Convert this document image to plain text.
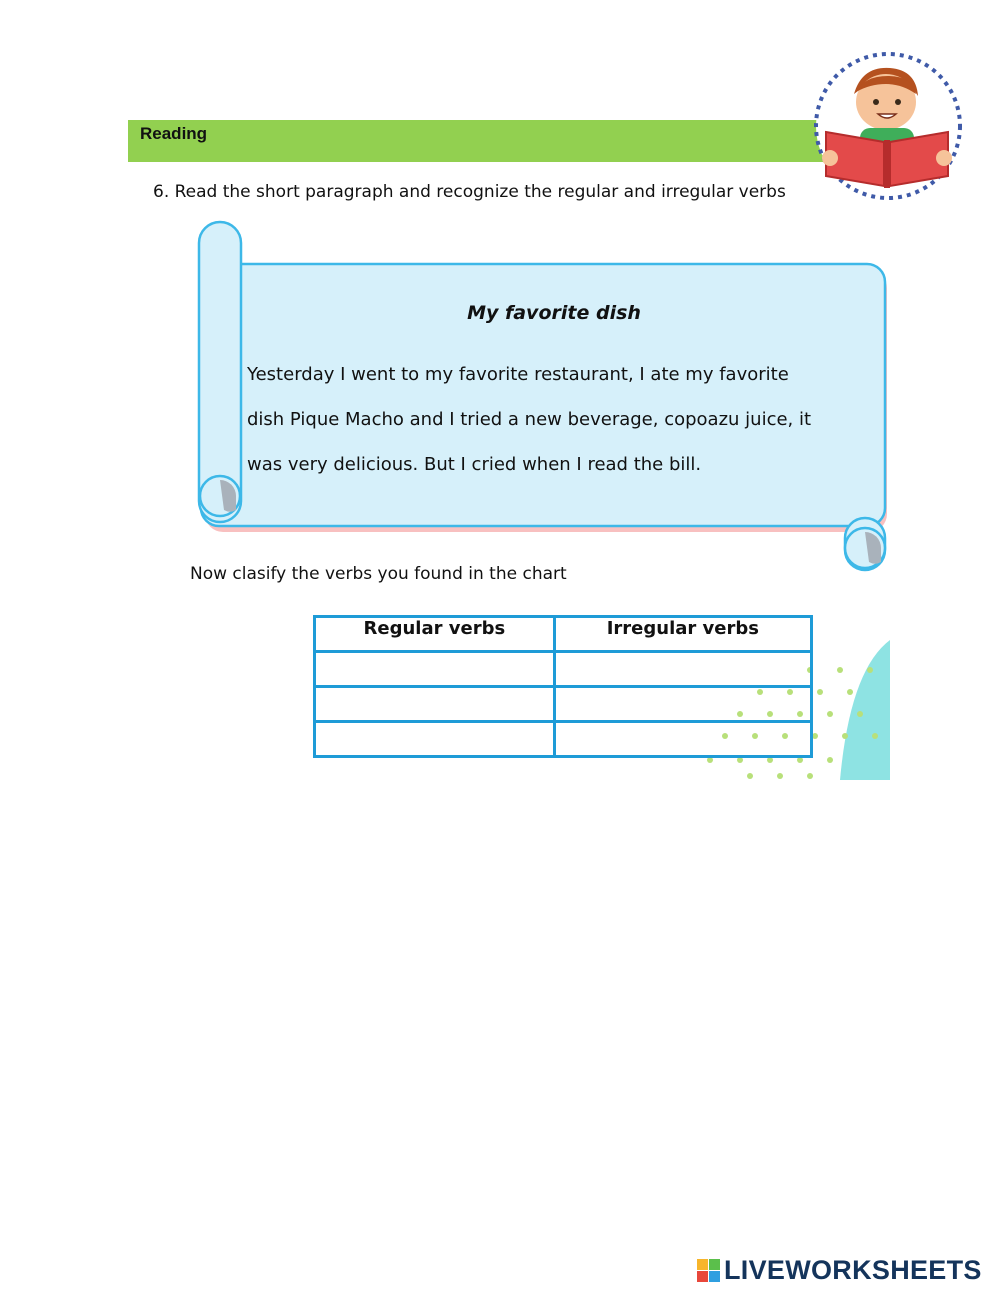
Reading
6. Read the short paragraph and recognize the regular and irregular verbs
My favorite dish
Yesterday I went to my favorite restaurant, I ate my favorite
dish Pique Macho and I tried a new beverage, copoazu juice, it
was very delicious. But I cried when I read the bill.
Now clasify the verbs you found in the chart
Regular verbs	Irregular verbs

LIVEWORKSHEETS
